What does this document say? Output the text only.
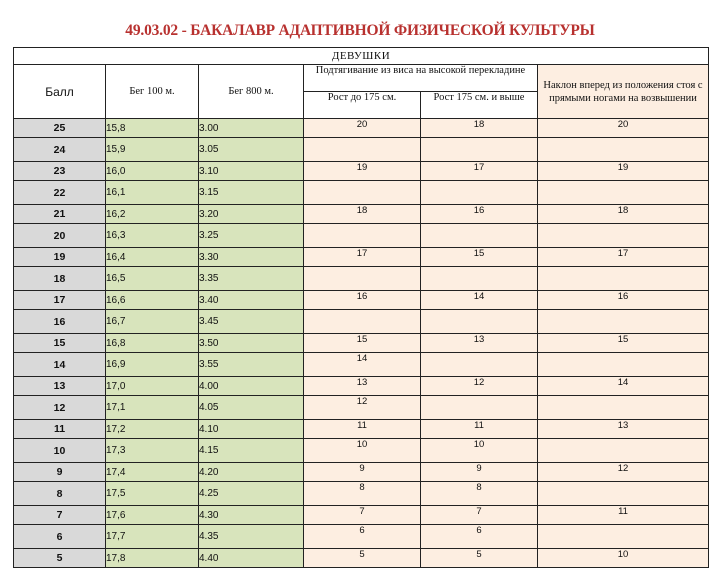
49.03.02 - БАКАЛАВР АДАПТИВНОЙ ФИЗИЧЕСКОЙ КУЛЬТУРЫ
ДЕВУШКИ					
Балл	Бег 100 м.	Бег 800 м.	Подтягивание из виса на высокой перекладине		Наклон вперед из положения стоя с прямыми ногами на возвышении
			Рост до 175 см.	Рост 175 см. и выше	
25	15,8	3.00	20	18	20
24	15,9	3.05			
23	16,0	3.10	19	17	19
22	16,1	3.15			
21	16,2	3.20	18	16	18
20	16,3	3.25			
19	16,4	3.30	17	15	17
18	16,5	3.35			
17	16,6	3.40	16	14	16
16	16,7	3.45			
15	16,8	3.50	15	13	15
14	16,9	3.55	14		
13	17,0	4.00	13	12	14
12	17,1	4.05	12		
11	17,2	4.10	11	11	13
10	17,3	4.15	10	10	
9	17,4	4.20	9	9	12
8	17,5	4.25	8	8	
7	17,6	4.30	7	7	11
6	17,7	4.35	6	6	
5	17,8	4.40	5	5	10
